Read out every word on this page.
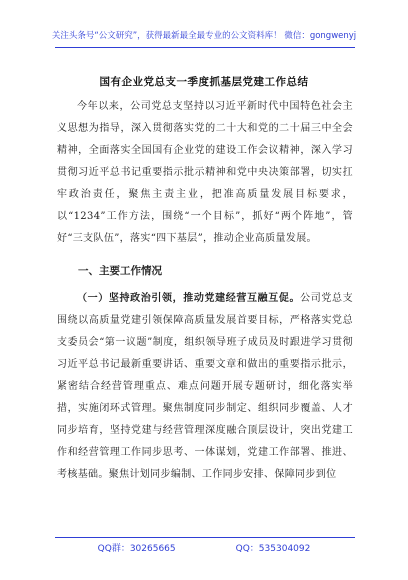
关注头条号“公文研究”，获得最新最全最专业的公文资料库！ 微信：gongwenyj
国有企业党总支一季度抓基层党建工作总结

今年以来，公司党总支坚持以习近平新时代中国特色社会主义思想为指导，深入贯彻落实党的二十大和党的二十届三中全会精神，全面落实全国国有企业党的建设工作会议精神，深入学习贯彻习近平总书记重要指示批示精神和党中央决策部署，切实扛牢政治责任，聚焦主责主业，把准高质量发展目标要求，以“1234”工作方法，围绕“一个目标”，抓好“两个阵地”，管好“三支队伍”，落实“四下基层”，推动企业高质量发展。

一、主要工作情况

（一）坚持政治引领，推动党建经营互融互促。公司党总支围绕以高质量党建引领保障高质量发展首要目标，严格落实党总支委员会“第一议题”制度，组织领导班子成员及时跟进学习贯彻习近平总书记最新重要讲话、重要文章和做出的重要指示批示，紧密结合经营管理重点、难点问题开展专题研讨，细化落实举措，实施闭环式管理。聚焦制度同步制定、组织同步覆盖、人才同步培育，坚持党建与经营管理深度融合顶层设计，突出党建工作和经营管理工作同步思考、一体谋划，党建工作部署、推进、考核基础。聚焦计划同步编制、工作同步安排、保障同步到位

QQ群：30265665	QQ：535304092
